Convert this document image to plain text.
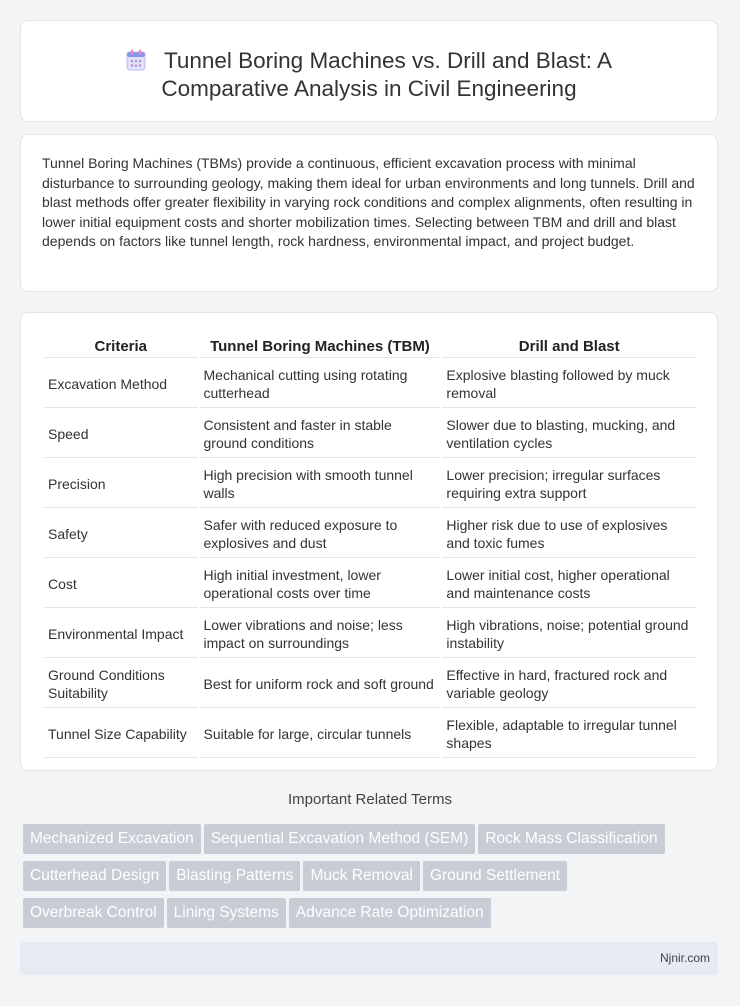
Tunnel Boring Machines vs. Drill and Blast: A Comparative Analysis in Civil Engineering

Tunnel Boring Machines (TBMs) provide a continuous, efficient excavation process with minimal disturbance to surrounding geology, making them ideal for urban environments and long tunnels. Drill and blast methods offer greater flexibility in varying rock conditions and complex alignments, often resulting in lower initial equipment costs and shorter mobilization times. Selecting between TBM and drill and blast depends on factors like tunnel length, rock hardness, environmental impact, and project budget.

Criteria	Tunnel Boring Machines (TBM)	Drill and Blast
Excavation Method	Mechanical cutting using rotating cutterhead	Explosive blasting followed by muck removal
Speed	Consistent and faster in stable ground conditions	Slower due to blasting, mucking, and ventilation cycles
Precision	High precision with smooth tunnel walls	Lower precision; irregular surfaces requiring extra support
Safety	Safer with reduced exposure to explosives and dust	Higher risk due to use of explosives and toxic fumes
Cost	High initial investment, lower operational costs over time	Lower initial cost, higher operational and maintenance costs
Environmental Impact	Lower vibrations and noise; less impact on surroundings	High vibrations, noise; potential ground instability
Ground Conditions Suitability	Best for uniform rock and soft ground	Effective in hard, fractured rock and variable geology
Tunnel Size Capability	Suitable for large, circular tunnels	Flexible, adaptable to irregular tunnel shapes
Important Related Terms
Mechanized Excavation Sequential Excavation Method (SEM) Rock Mass Classification
Cutterhead Design Blasting Patterns Muck Removal Ground Settlement
Overbreak Control Lining Systems Advance Rate Optimization
Njnir.com
